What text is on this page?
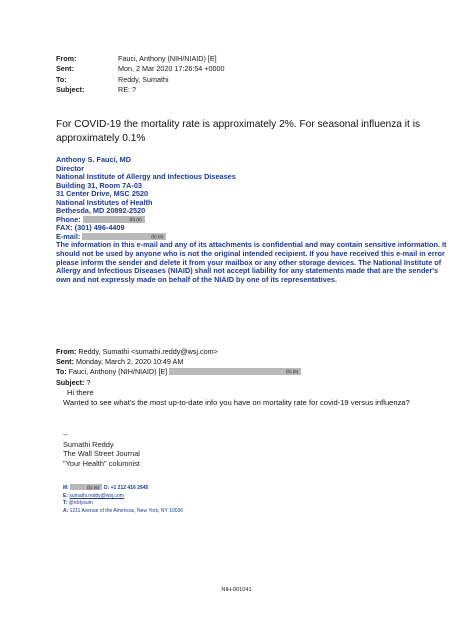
From:	Fauci, Anthony (NIH/NIAID) [E]
Sent:	Mon, 2 Mar 2020 17:26:54 +0000
To:	Reddy, Sumathi
Subject:	RE: ?
For COVID-19 the mortality rate is approximately 2%. For seasonal influenza it is approximately 0.1%
Anthony S. Fauci, MD
Director
National Institute of Allergy and Infectious Diseases
Building 31, Room 7A-03
31 Center Drive, MSC 2520
National Institutes of Health
Bethesda, MD 20892-2520
Phone:	(b) (6)
FAX: (301) 496-4409
E-mail:	(b) (6)
The information in this e-mail and any of its attachments is confidential and may contain sensitive information. It should not be used by anyone who is not the original intended recipient. If you have received this e-mail in error please inform the sender and delete it from your mailbox or any other storage devices. The National Institute of Allergy and Infectious Diseases (NIAID) shall not accept liability for any statements made that are the sender's own and not expressly made on behalf of the NIAID by one of its representatives.
From: Reddy, Sumathi <sumathi.reddy@wsj.com>
Sent: Monday, March 2, 2020 10:49 AM
To: Fauci, Anthony (NIH/NIAID) [E]	(b) (6)
Subject: ?
Hi there
Wanted to see what's the most up-to-date info you have on mortality rate for covid-19 versus influenza?
--
Sumathi Reddy
The Wall Street Journal
"Your Health" columnist
M:	(b) (6) O: +1 212 416 2945
E: sumathi.reddy@wsj.com
T: @rddysum
A: 1211 Avenue of the Americas, New York, NY 10036
NIH-001041
